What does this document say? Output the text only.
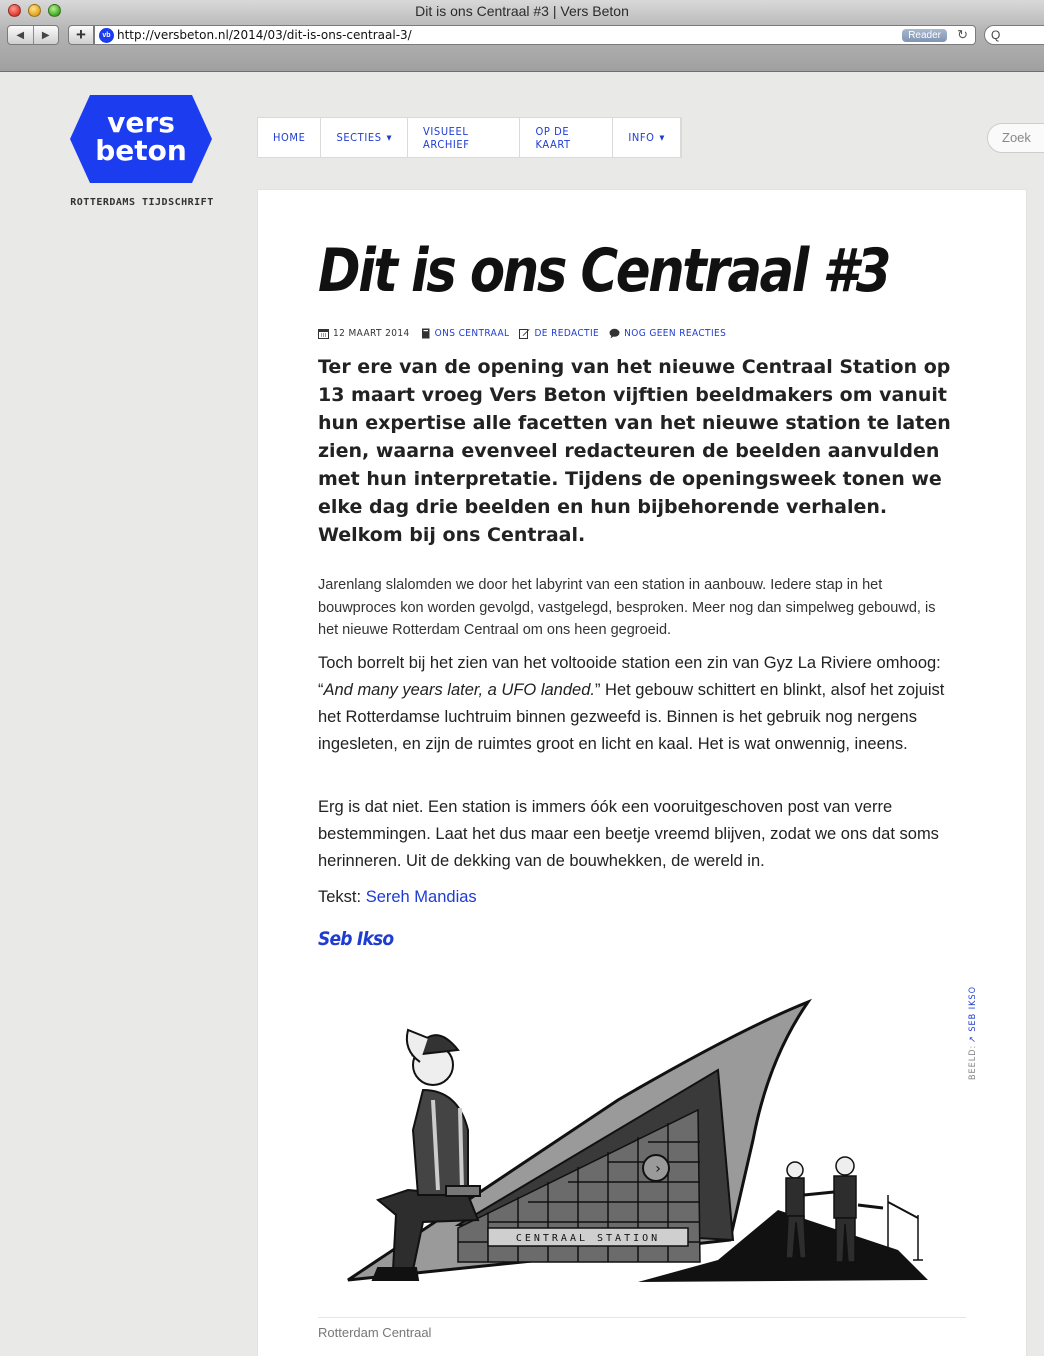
Dit is ons Centraal #3 | Vers Beton
◀	▶	+	vb http://versbeton.nl/2014/03/dit-is-ons-centraal-3/	Reader	↻	Q
vers
beton
ROTTERDAMS TIJDSCHRIFT
HOME	SECTIES ▼	VISUEEL ARCHIEF
OP DE KAART	INFO ▼	Zoek
Dit is ons Centraal #3
12 MAART 2014	ONS CENTRAAL	DE REDACTIE	NOG GEEN REACTIES

Ter ere van de opening van het nieuwe Centraal Station op 13 maart vroeg Vers Beton vijftien beeldmakers om vanuit hun expertise alle facetten van het nieuwe station te laten zien, waarna evenveel redacteuren de beelden aanvulden met hun interpretatie. Tijdens de openingsweek tonen we elke dag drie beelden en hun bijbehorende verhalen. Welkom bij ons Centraal.

Jarenlang slalomden we door het labyrint van een station in aanbouw. Iedere stap in het bouwproces kon worden gevolgd, vastgelegd, besproken. Meer nog dan simpelweg gebouwd, is het nieuwe Rotterdam Centraal om ons heen gegroeid.

Toch borrelt bij het zien van het voltooide station een zin van Gyz La Riviere omhoog: “And many years later, a UFO landed.” Het gebouw schittert en blinkt, alsof het zojuist het Rotterdamse luchtruim binnen gezweefd is. Binnen is het gebruik nog nergens ingesleten, en zijn de ruimtes groot en licht en kaal. Het is wat onwennig, ineens.

Erg is dat niet. Een station is immers óók een vooruitgeschoven post van verre bestemmingen. Laat het dus maar een beetje vreemd blijven, zodat we ons dat soms herinneren. Uit de dekking van de bouwhekken, de wereld in.

Tekst: Sereh Mandias

Seb Ikso
BEELD:
↗ SEB IKSO
›
CENTRAAL STATION
Rotterdam Centraal
